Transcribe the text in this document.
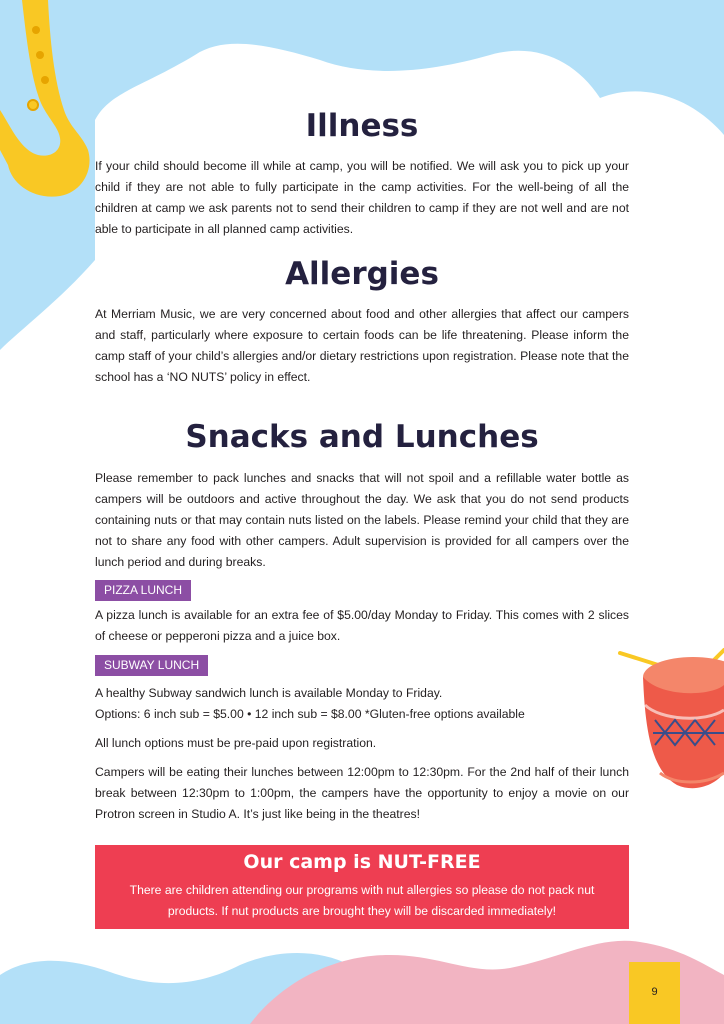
Illness

If your child should become ill while at camp, you will be notified. We will ask you to pick up your child if they are not able to fully participate in the camp activities. For the well-being of all the children at camp we ask parents not to send their children to camp if they are not well and are not able to participate in all planned camp activities.

Allergies

At Merriam Music, we are very concerned about food and other allergies that affect our campers and staff, particularly where exposure to certain foods can be life threatening. Please inform the camp staff of your child’s allergies and/or dietary restrictions upon registration. Please note that the school has a ‘NO NUTS’ policy in effect.

Snacks and Lunches

Please remember to pack lunches and snacks that will not spoil and a refillable water bottle as campers will be outdoors and active throughout the day. We ask that you do not send products containing nuts or that may contain nuts listed on the labels. Please remind your child that they are not to share any food with other campers. Adult supervision is provided for all campers over the lunch period and during breaks.

PIZZA LUNCH

A pizza lunch is available for an extra fee of $5.00/day Monday to Friday. This comes with 2 slices of cheese or pepperoni pizza and a juice box.

SUBWAY LUNCH

A healthy Subway sandwich lunch is available Monday to Friday.

Options: 6 inch sub = $5.00 • 12 inch sub = $8.00 *Gluten-free options available

All lunch options must be pre-paid upon registration.

Campers will be eating their lunches between 12:00pm to 12:30pm. For the 2nd half of their lunch break between 12:30pm to 1:00pm, the campers have the opportunity to enjoy a movie on our Protron screen in Studio A. It’s just like being in the theatres!

Our camp is NUT-FREE
There are children attending our programs with nut allergies so please do not pack nut products. If nut products are brought they will be discarded immediately!
9
